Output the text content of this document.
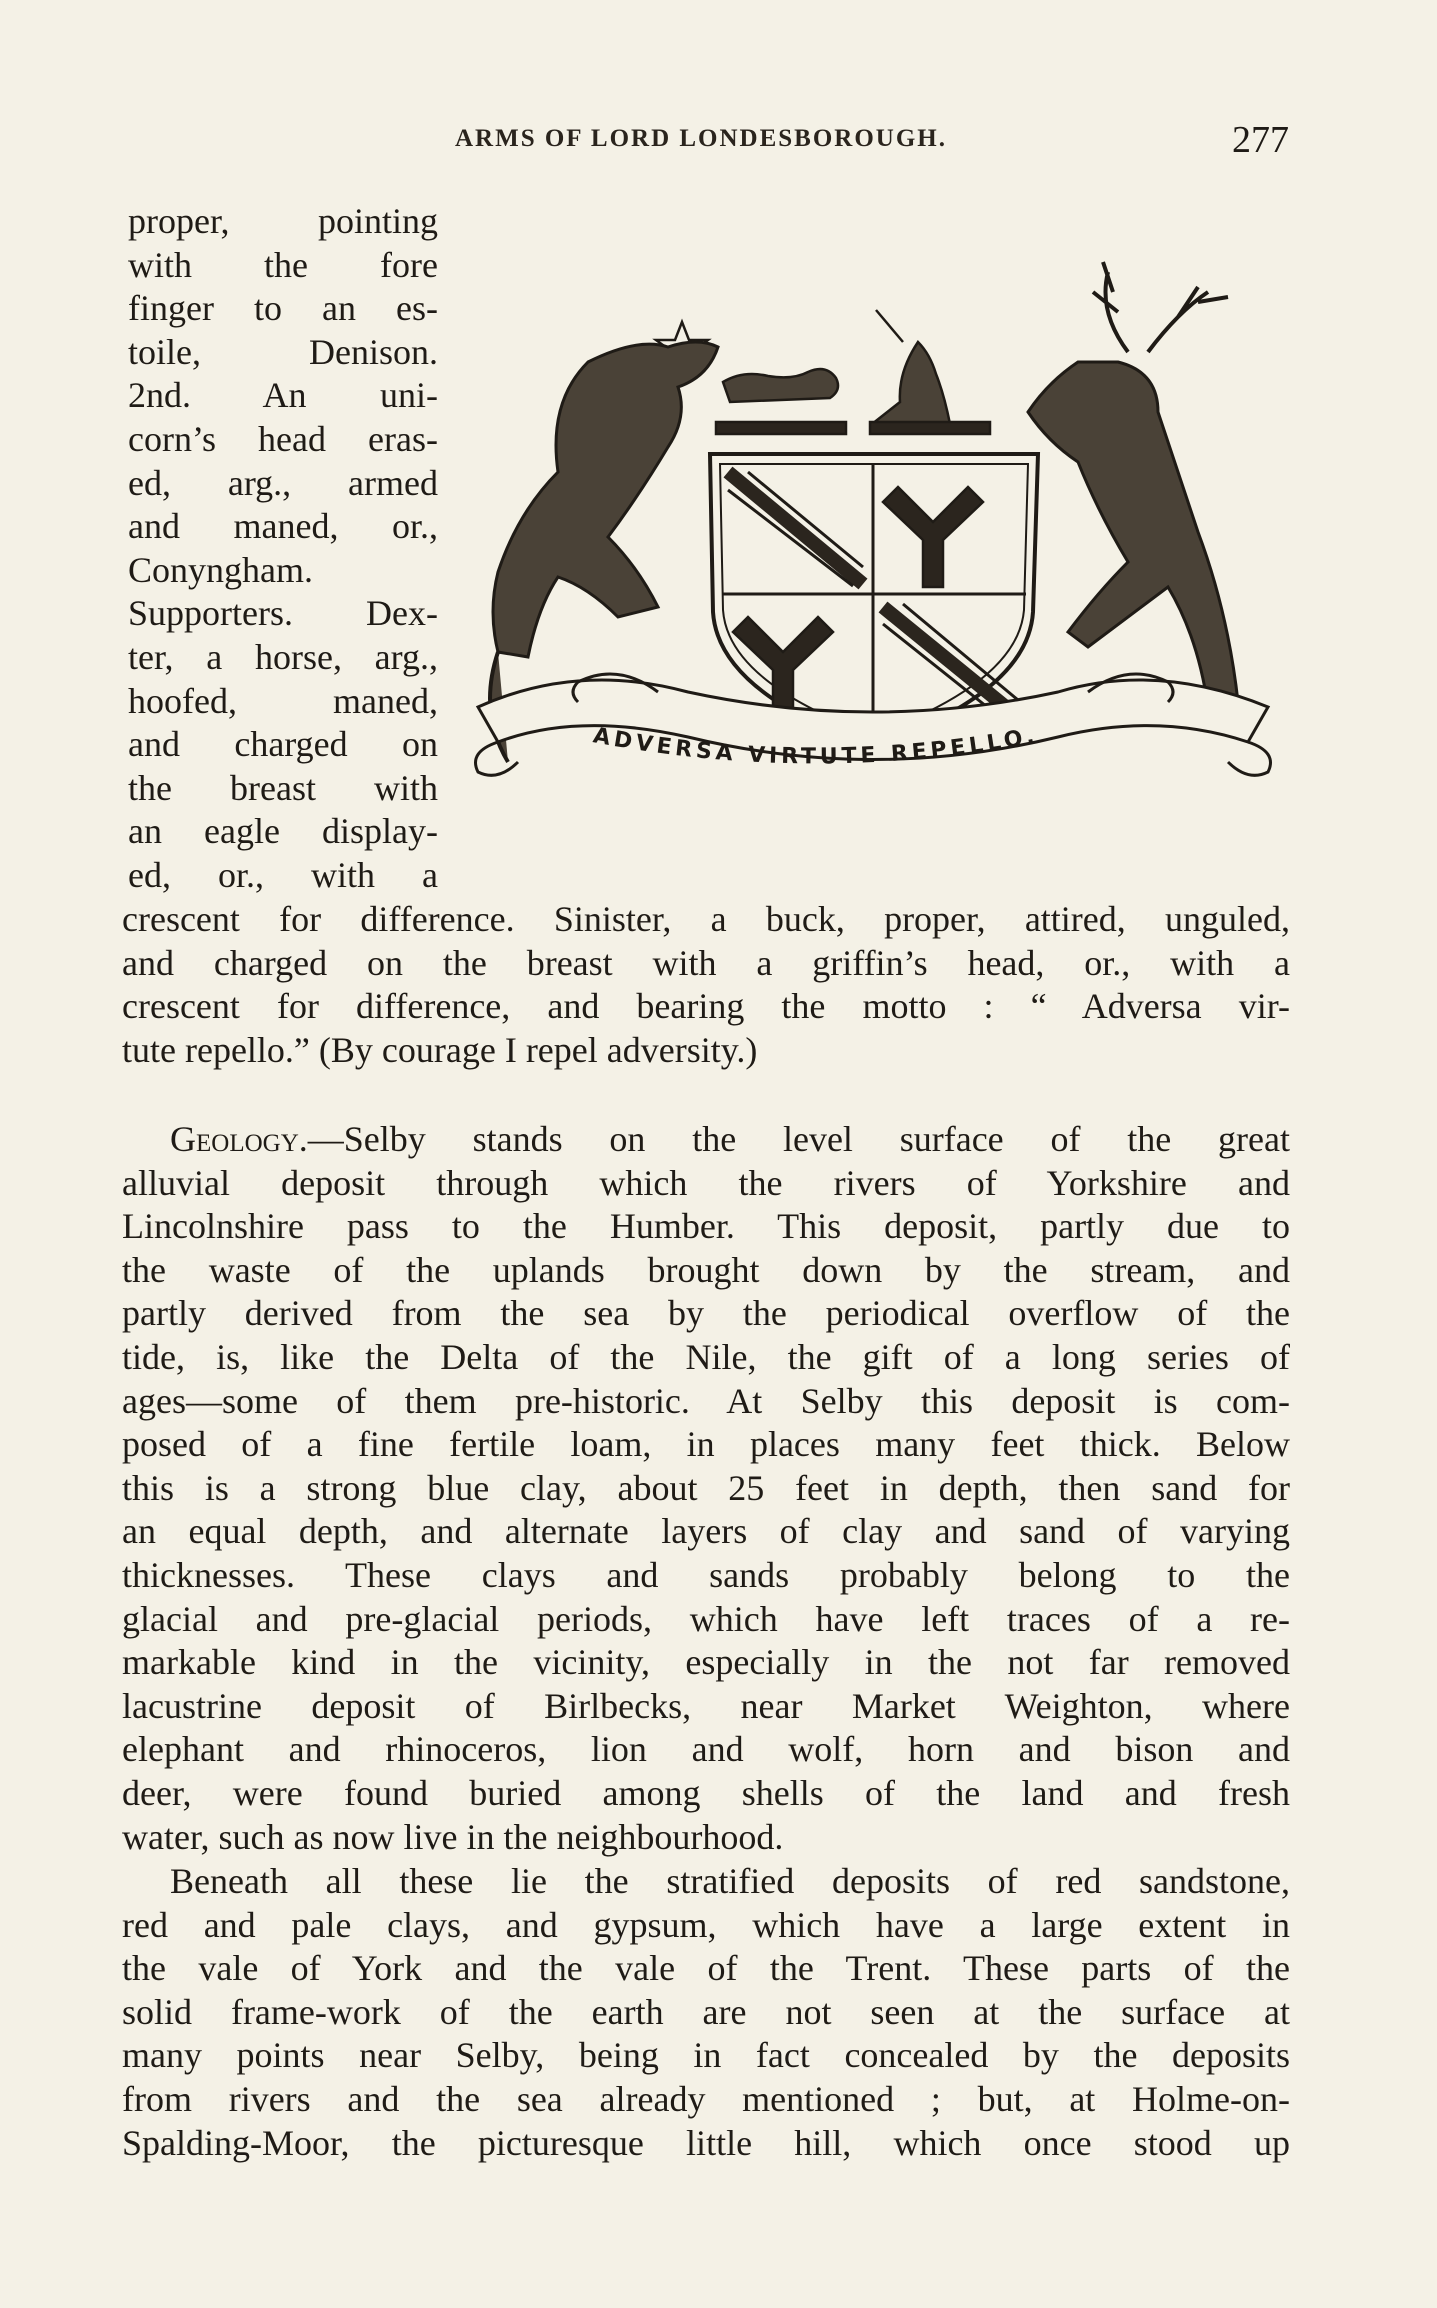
ARMS OF LORD LONDESBOROUGH.	277
proper, pointing
with the fore
finger to an es-
toile, Denison.
2nd. An uni-
corn’s head eras-
ed, arg., armed
and maned, or.,
Conyngham.
Supporters. Dex-
ter, a horse, arg.,
hoofed, maned,
and charged on
the breast with
an eagle display-
ed, or., with a
ADVERSA VIRTUTE REPELLO.
crescent for difference. Sinister, a buck, proper, attired, unguled,
and charged on the breast with a griffin’s head, or., with a
crescent for difference, and bearing the motto : “ Adversa vir-
tute repello.” (By courage I repel adversity.)
Geology.—Selby stands on the level surface of the great
alluvial deposit through which the rivers of Yorkshire and
Lincolnshire pass to the Humber. This deposit, partly due to
the waste of the uplands brought down by the stream, and
partly derived from the sea by the periodical overflow of the
tide, is, like the Delta of the Nile, the gift of a long series of
ages—some of them pre-historic. At Selby this deposit is com-
posed of a fine fertile loam, in places many feet thick. Below
this is a strong blue clay, about 25 feet in depth, then sand for
an equal depth, and alternate layers of clay and sand of varying
thicknesses. These clays and sands probably belong to the
glacial and pre-glacial periods, which have left traces of a re-
markable kind in the vicinity, especially in the not far removed
lacustrine deposit of Birlbecks, near Market Weighton, where
elephant and rhinoceros, lion and wolf, horn and bison and
deer, were found buried among shells of the land and fresh
water, such as now live in the neighbourhood.
Beneath all these lie the stratified deposits of red sandstone,
red and pale clays, and gypsum, which have a large extent in
the vale of York and the vale of the Trent. These parts of the
solid frame-work of the earth are not seen at the surface at
many points near Selby, being in fact concealed by the deposits
from rivers and the sea already mentioned ; but, at Holme-on-
Spalding-Moor, the picturesque little hill, which once stood up
